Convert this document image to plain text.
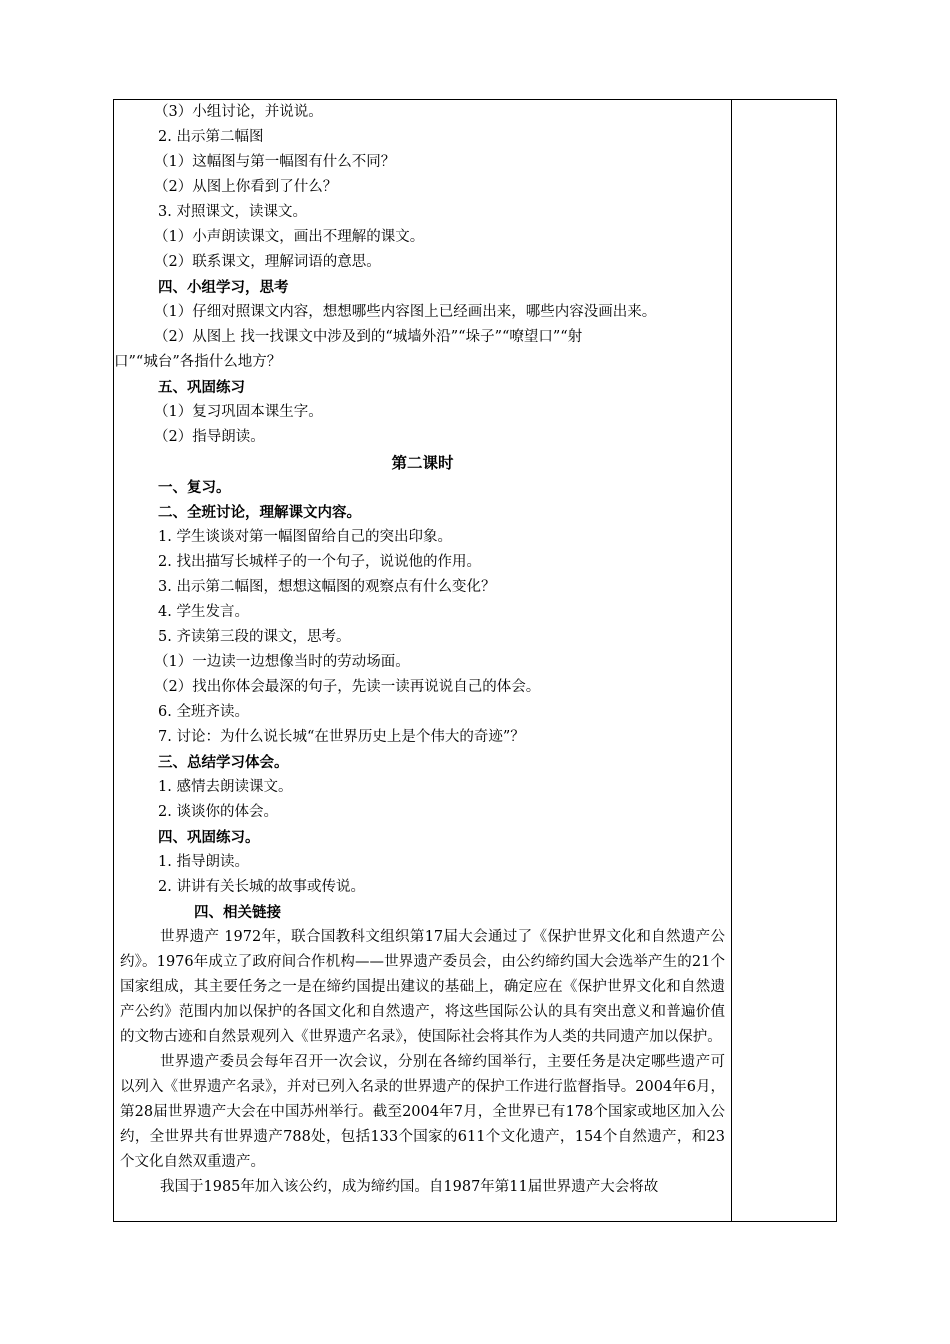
（3）小组讨论，并说说。
2. 出示第二幅图
（1）这幅图与第一幅图有什么不同？
（2）从图上你看到了什么？
3. 对照课文，读课文。
（1）小声朗读课文，画出不理解的课文。
（2）联系课文，理解词语的意思。
四、小组学习，思考
（1）仔细对照课文内容，想想哪些内容图上已经画出来，哪些内容没画出来。
（2）从图上 找一找课文中涉及到的“城墙外沿”“垛子”“嘹望口”“射
口”“城台”各指什么地方？
五、巩固练习
（1）复习巩固本课生字。
（2）指导朗读。
第二课时
一、复习。
二、全班讨论，理解课文内容。
1. 学生谈谈对第一幅图留给自己的突出印象。
2. 找出描写长城样子的一个句子，说说他的作用。
3. 出示第二幅图，想想这幅图的观察点有什么变化？
4. 学生发言。
5. 齐读第三段的课文，思考。
（1）一边读一边想像当时的劳动场面。
（2）找出你体会最深的句子，先读一读再说说自己的体会。
6. 全班齐读。
7. 讨论：为什么说长城“在世界历史上是个伟大的奇迹”？
三、总结学习体会。
1. 感情去朗读课文。
2. 谈谈你的体会。
四、巩固练习。
1. 指导朗读。
2. 讲讲有关长城的故事或传说。
四、相关链接

世界遗产 1972年，联合国教科文组织第17届大会通过了《保护世界文化和自然遗产公约》。1976年成立了政府间合作机构——世界遗产委员会，由公约缔约国大会选举产生的21个国家组成，其主要任务之一是在缔约国提出建议的基础上，确定应在《保护世界文化和自然遗产公约》范围内加以保护的各国文化和自然遗产，将这些国际公认的具有突出意义和普遍价值的文物古迹和自然景观列入《世界遗产名录》，使国际社会将其作为人类的共同遗产加以保护。

世界遗产委员会每年召开一次会议，分别在各缔约国举行，主要任务是决定哪些遗产可以列入《世界遗产名录》，并对已列入名录的世界遗产的保护工作进行监督指导。2004年6月，第28届世界遗产大会在中国苏州举行。截至2004年7月，全世界已有178个国家或地区加入公约，全世界共有世界遗产788处，包括133个国家的611个文化遗产，154个自然遗产，和23个文化自然双重遗产。

我国于1985年加入该公约，成为缔约国。自1987年第11届世界遗产大会将故
